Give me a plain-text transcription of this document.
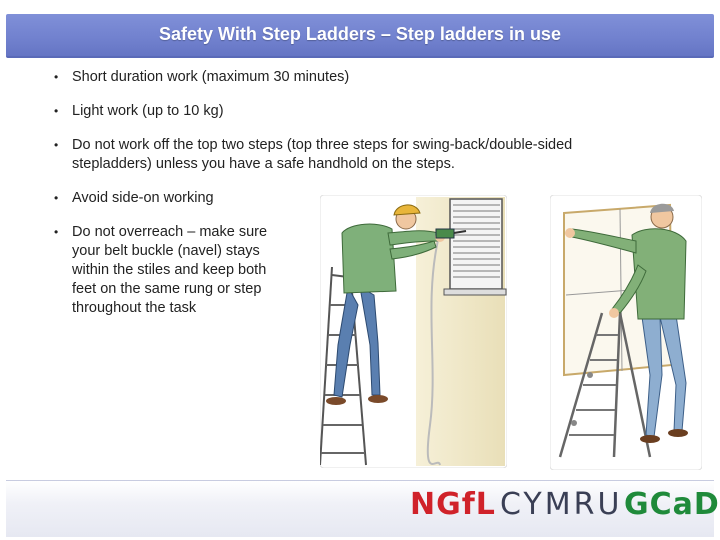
Safety With Step Ladders – Step ladders in use
• Short duration work (maximum 30 minutes)
• Light work (up to 10 kg)
• Do not work off the top two steps (top three steps for swing-back/double-sided stepladders) unless you have a safe handhold on the steps.
• Avoid side-on working
• Do not overreach – make sure your belt buckle (navel) stays within the stiles and keep both feet on the same rung or step throughout the task
NGfL CYMRU GCaD
